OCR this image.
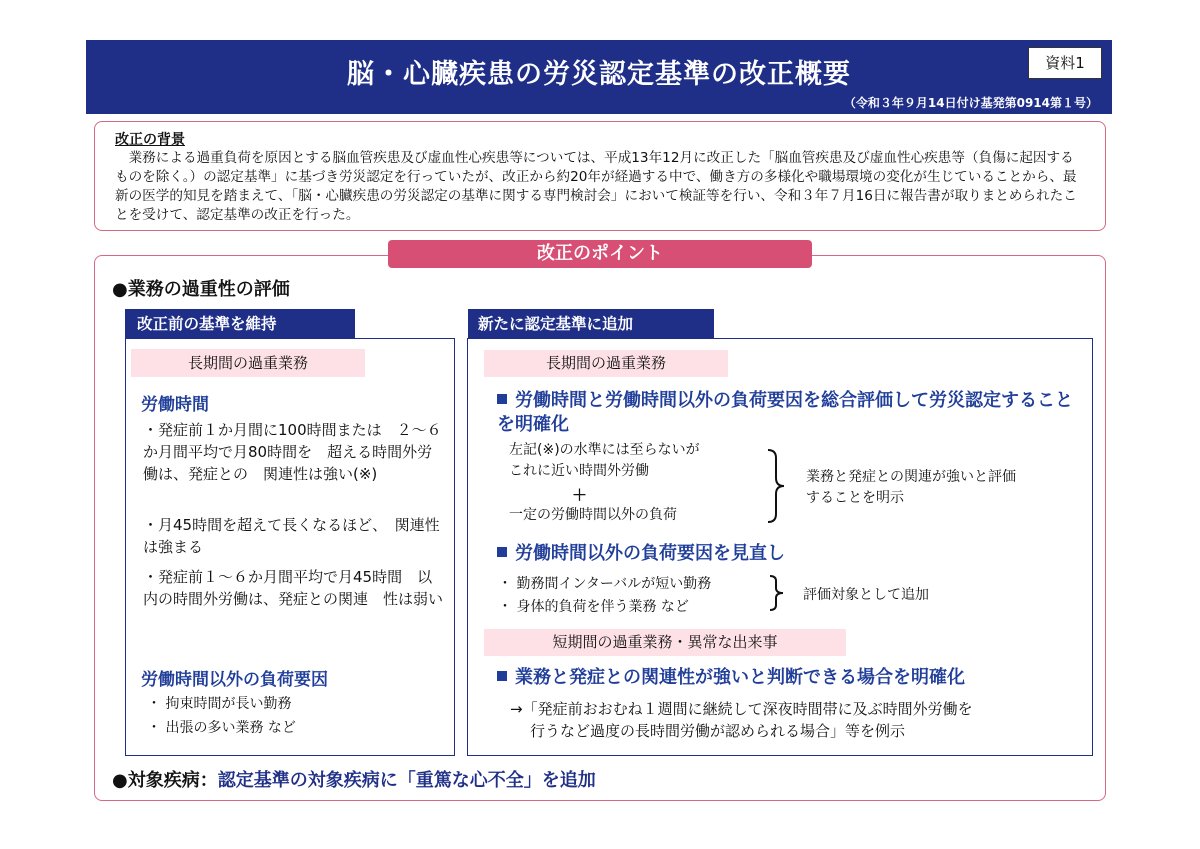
脳・心臓疾患の労災認定基準の改正概要	資料1
（令和３年９月14日付け基発第0914第１号）
改正の背景
業務による過重負荷を原因とする脳血管疾患及び虚血性心疾患等については、平成13年12月に改正した「脳血管疾患及び虚血性心疾患等（負傷に起因するものを除く。）の認定基準」に基づき労災認定を行っていたが、改正から約20年が経過する中で、働き方の多様化や職場環境の変化が生じていることから、最新の医学的知見を踏まえて、「脳・心臓疾患の労災認定の基準に関する専門検討会」において検証等を行い、令和３年７月16日に報告書が取りまとめられたことを受けて、認定基準の改正を行った。
改正のポイント
●業務の過重性の評価
改正前の基準を維持
長期間の過重業務
労働時間
・発症前１か月間に100時間または　２～６か月間平均で月80時間を　超える時間外労働は、発症との　関連性は強い(※)
・月45時間を超えて長くなるほど、　関連性は強まる
・発症前１～６か月間平均で月45時間　以内の時間外労働は、発症との関連　性は弱い
労働時間以外の負荷要因
・ 拘束時間が長い勤務
・ 出張の多い業務 など
新たに認定基準に追加
長期間の過重業務
労働時間と労働時間以外の負荷要因を総合評価して労災認定することを明確化
左記(※)の水準には至らないが
これに近い時間外労働
＋
一定の労働時間以外の負荷
業務と発症との関連が強いと評価
することを明示
労働時間以外の負荷要因を見直し
・ 勤務間インターバルが短い勤務
・ 身体的負荷を伴う業務 など
評価対象として追加
短期間の過重業務・異常な出来事
業務と発症との関連性が強いと判断できる場合を明確化
→「発症前おおむね１週間に継続して深夜時間帯に及ぶ時間外労働を
行うなど過度の長時間労働が認められる場合」等を例示
●対象疾病：認定基準の対象疾病に「重篤な心不全」を追加
